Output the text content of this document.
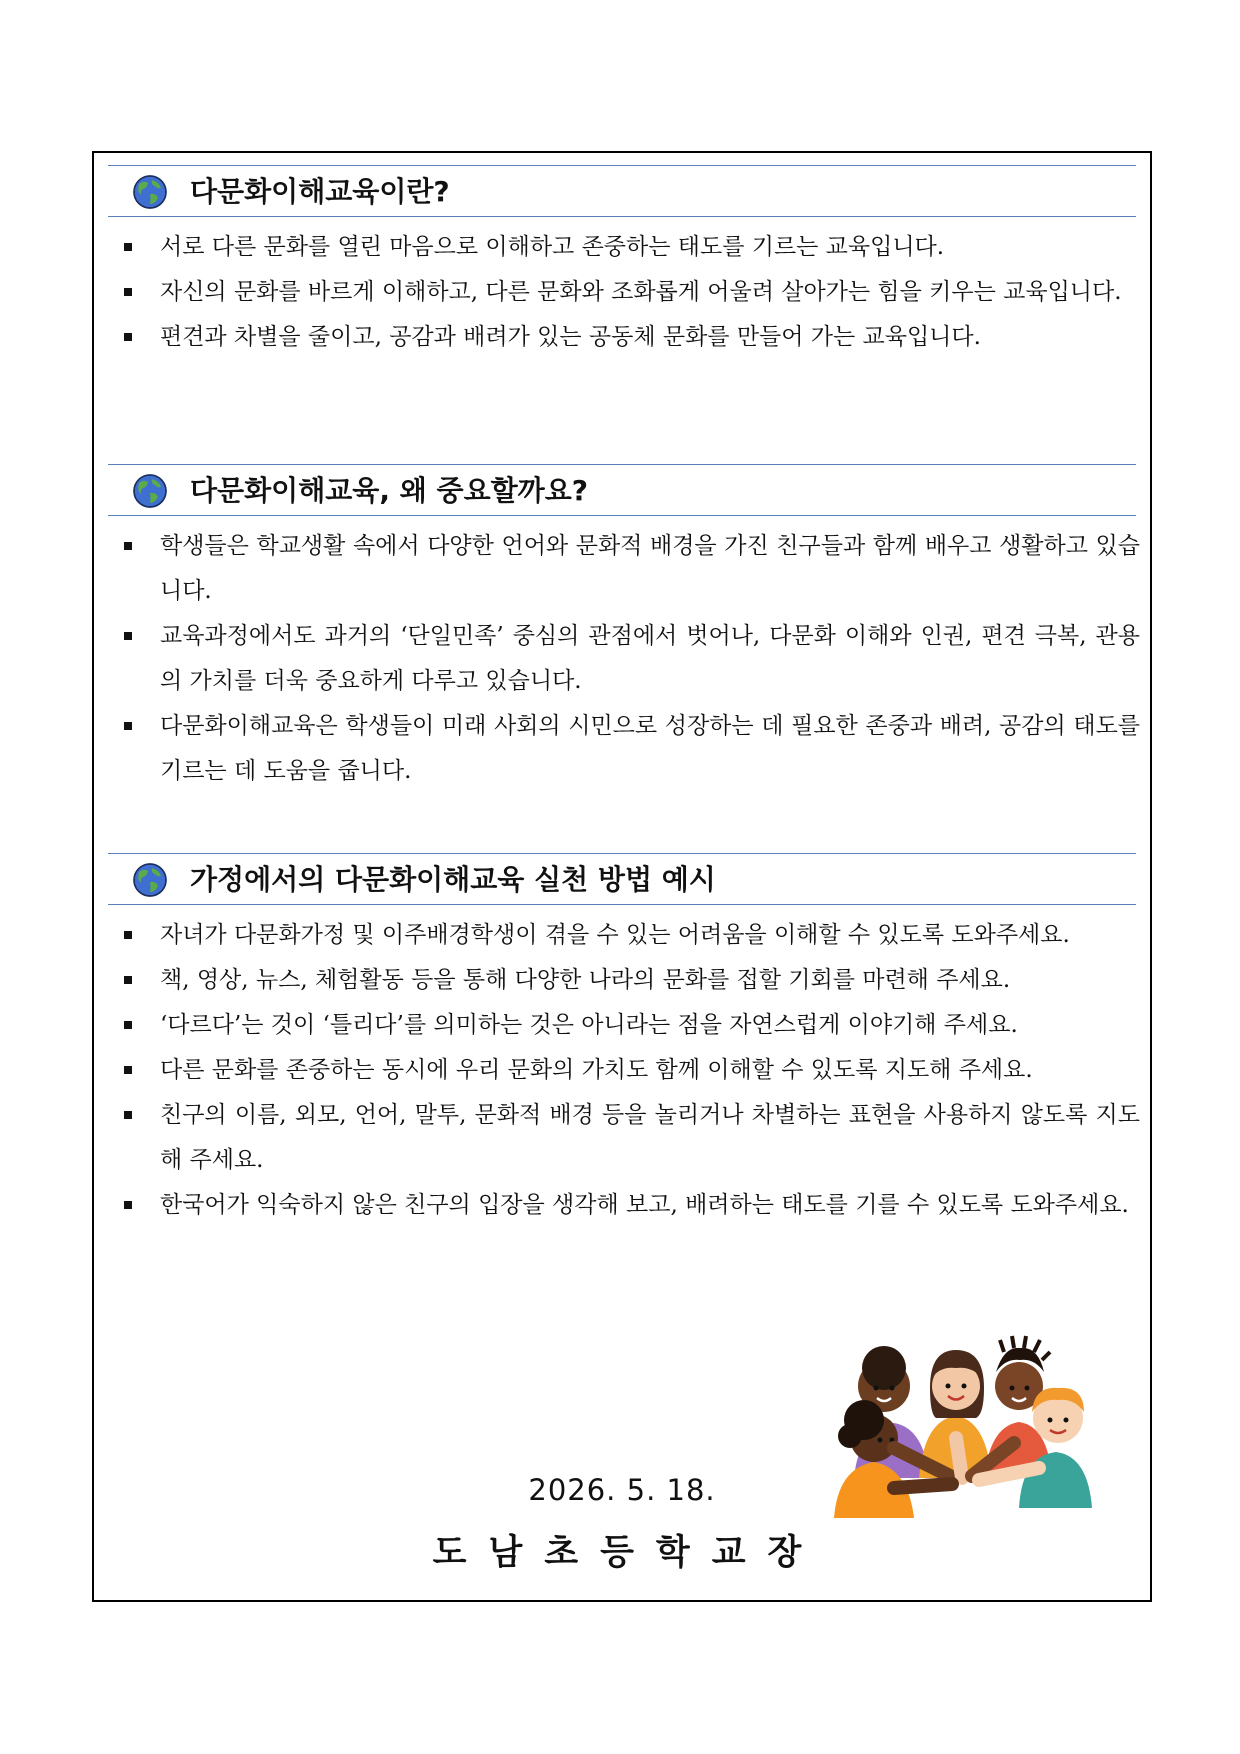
다문화이해교육이란?
서로 다른 문화를 열린 마음으로 이해하고 존중하는 태도를 기르는 교육입니다.
자신의 문화를 바르게 이해하고, 다른 문화와 조화롭게 어울려 살아가는 힘을 키우는 교육입니다.
편견과 차별을 줄이고, 공감과 배려가 있는 공동체 문화를 만들어 가는 교육입니다.
다문화이해교육, 왜 중요할까요?
학생들은 학교생활 속에서 다양한 언어와 문화적 배경을 가진 친구들과 함께 배우고 생활하고 있습니다.
교육과정에서도 과거의 ‘단일민족’ 중심의 관점에서 벗어나, 다문화 이해와 인권, 편견 극복, 관용의 가치를 더욱 중요하게 다루고 있습니다.
다문화이해교육은 학생들이 미래 사회의 시민으로 성장하는 데 필요한 존중과 배려, 공감의 태도를 기르는 데 도움을 줍니다.
가정에서의 다문화이해교육 실천 방법 예시
자녀가 다문화가정 및 이주배경학생이 겪을 수 있는 어려움을 이해할 수 있도록 도와주세요.
책, 영상, 뉴스, 체험활동 등을 통해 다양한 나라의 문화를 접할 기회를 마련해 주세요.
‘다르다’는 것이 ‘틀리다’를 의미하는 것은 아니라는 점을 자연스럽게 이야기해 주세요.
다른 문화를 존중하는 동시에 우리 문화의 가치도 함께 이해할 수 있도록 지도해 주세요.
친구의 이름, 외모, 언어, 말투, 문화적 배경 등을 놀리거나 차별하는 표현을 사용하지 않도록 지도해 주세요.
한국어가 익숙하지 않은 친구의 입장을 생각해 보고, 배려하는 태도를 기를 수 있도록 도와주세요.
2026. 5. 18.
도남초등학교장
